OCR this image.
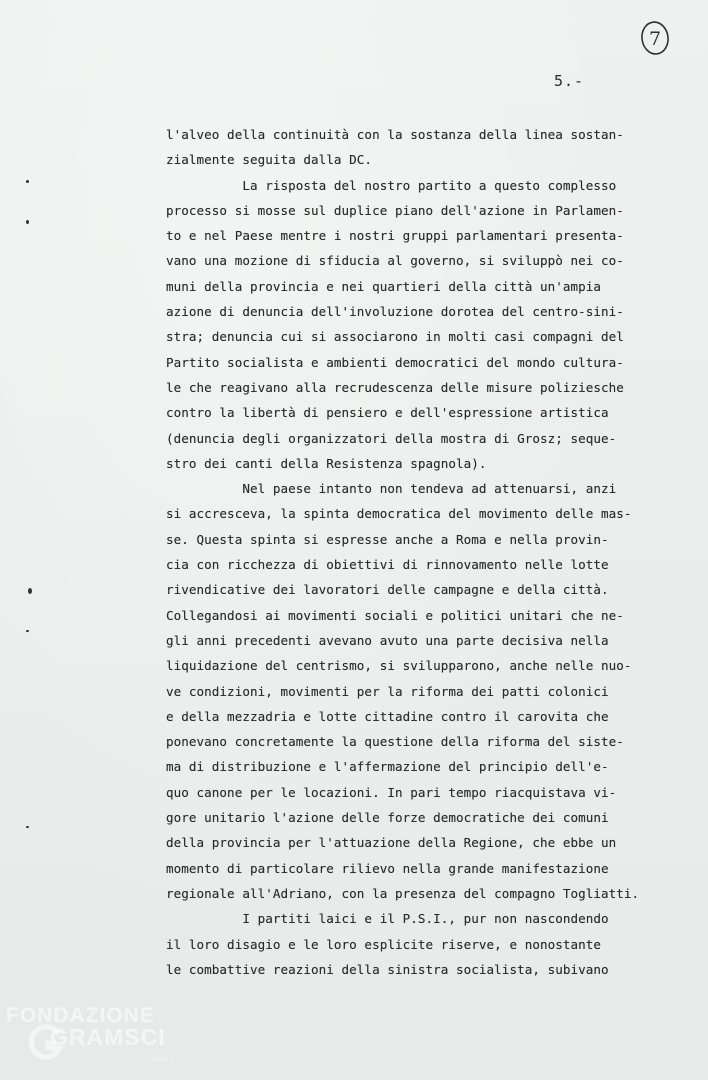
7
5.-
l'alveo della continuità con la sostanza della linea sostan-
zialmente seguita dalla DC.
La risposta del nostro partito a questo complesso
processo si mosse sul duplice piano dell'azione in Parlamen-
to e nel Paese mentre i nostri gruppi parlamentari presenta-
vano una mozione di sfiducia al governo, si sviluppò nei co-
muni della provincia e nei quartieri della città un'ampia
azione di denuncia dell'involuzione dorotea del centro-sini-
stra; denuncia cui si associarono in molti casi compagni del
Partito socialista e ambienti democratici del mondo cultura-
le che reagivano alla recrudescenza delle misure poliziesche
contro la libertà di pensiero e dell'espressione artistica
(denuncia degli organizzatori della mostra di Grosz; seque-
stro dei canti della Resistenza spagnola).
Nel paese intanto non tendeva ad attenuarsi, anzi
si accresceva, la spinta democratica del movimento delle mas-
se. Questa spinta si espresse anche a Roma e nella provin-
cia con ricchezza di obiettivi di rinnovamento nelle lotte
rivendicative dei lavoratori delle campagne e della città.
Collegandosi ai movimenti sociali e politici unitari che ne-
gli anni precedenti avevano avuto una parte decisiva nella
liquidazione del centrismo, si svilupparono, anche nelle nuo-
ve condizioni, movimenti per la riforma dei patti colonici
e della mezzadria e lotte cittadine contro il carovita che
ponevano concretamente la questione della riforma del siste-
ma di distribuzione e l'affermazione del principio dell'e-
quo canone per le locazioni. In pari tempo riacquistava vi-
gore unitario l'azione delle forze democratiche dei comuni
della provincia per l'attuazione della Regione, che ebbe un
momento di particolare rilievo nella grande manifestazione
regionale all'Adriano, con la presenza del compagno Togliatti.
I partiti laici e il P.S.I., pur non nascondendo
il loro disagio e le loro esplicite riserve, e nonostante
le combattive reazioni della sinistra socialista, subivano
FONDAZIONE
GRAMSCI
onlus
